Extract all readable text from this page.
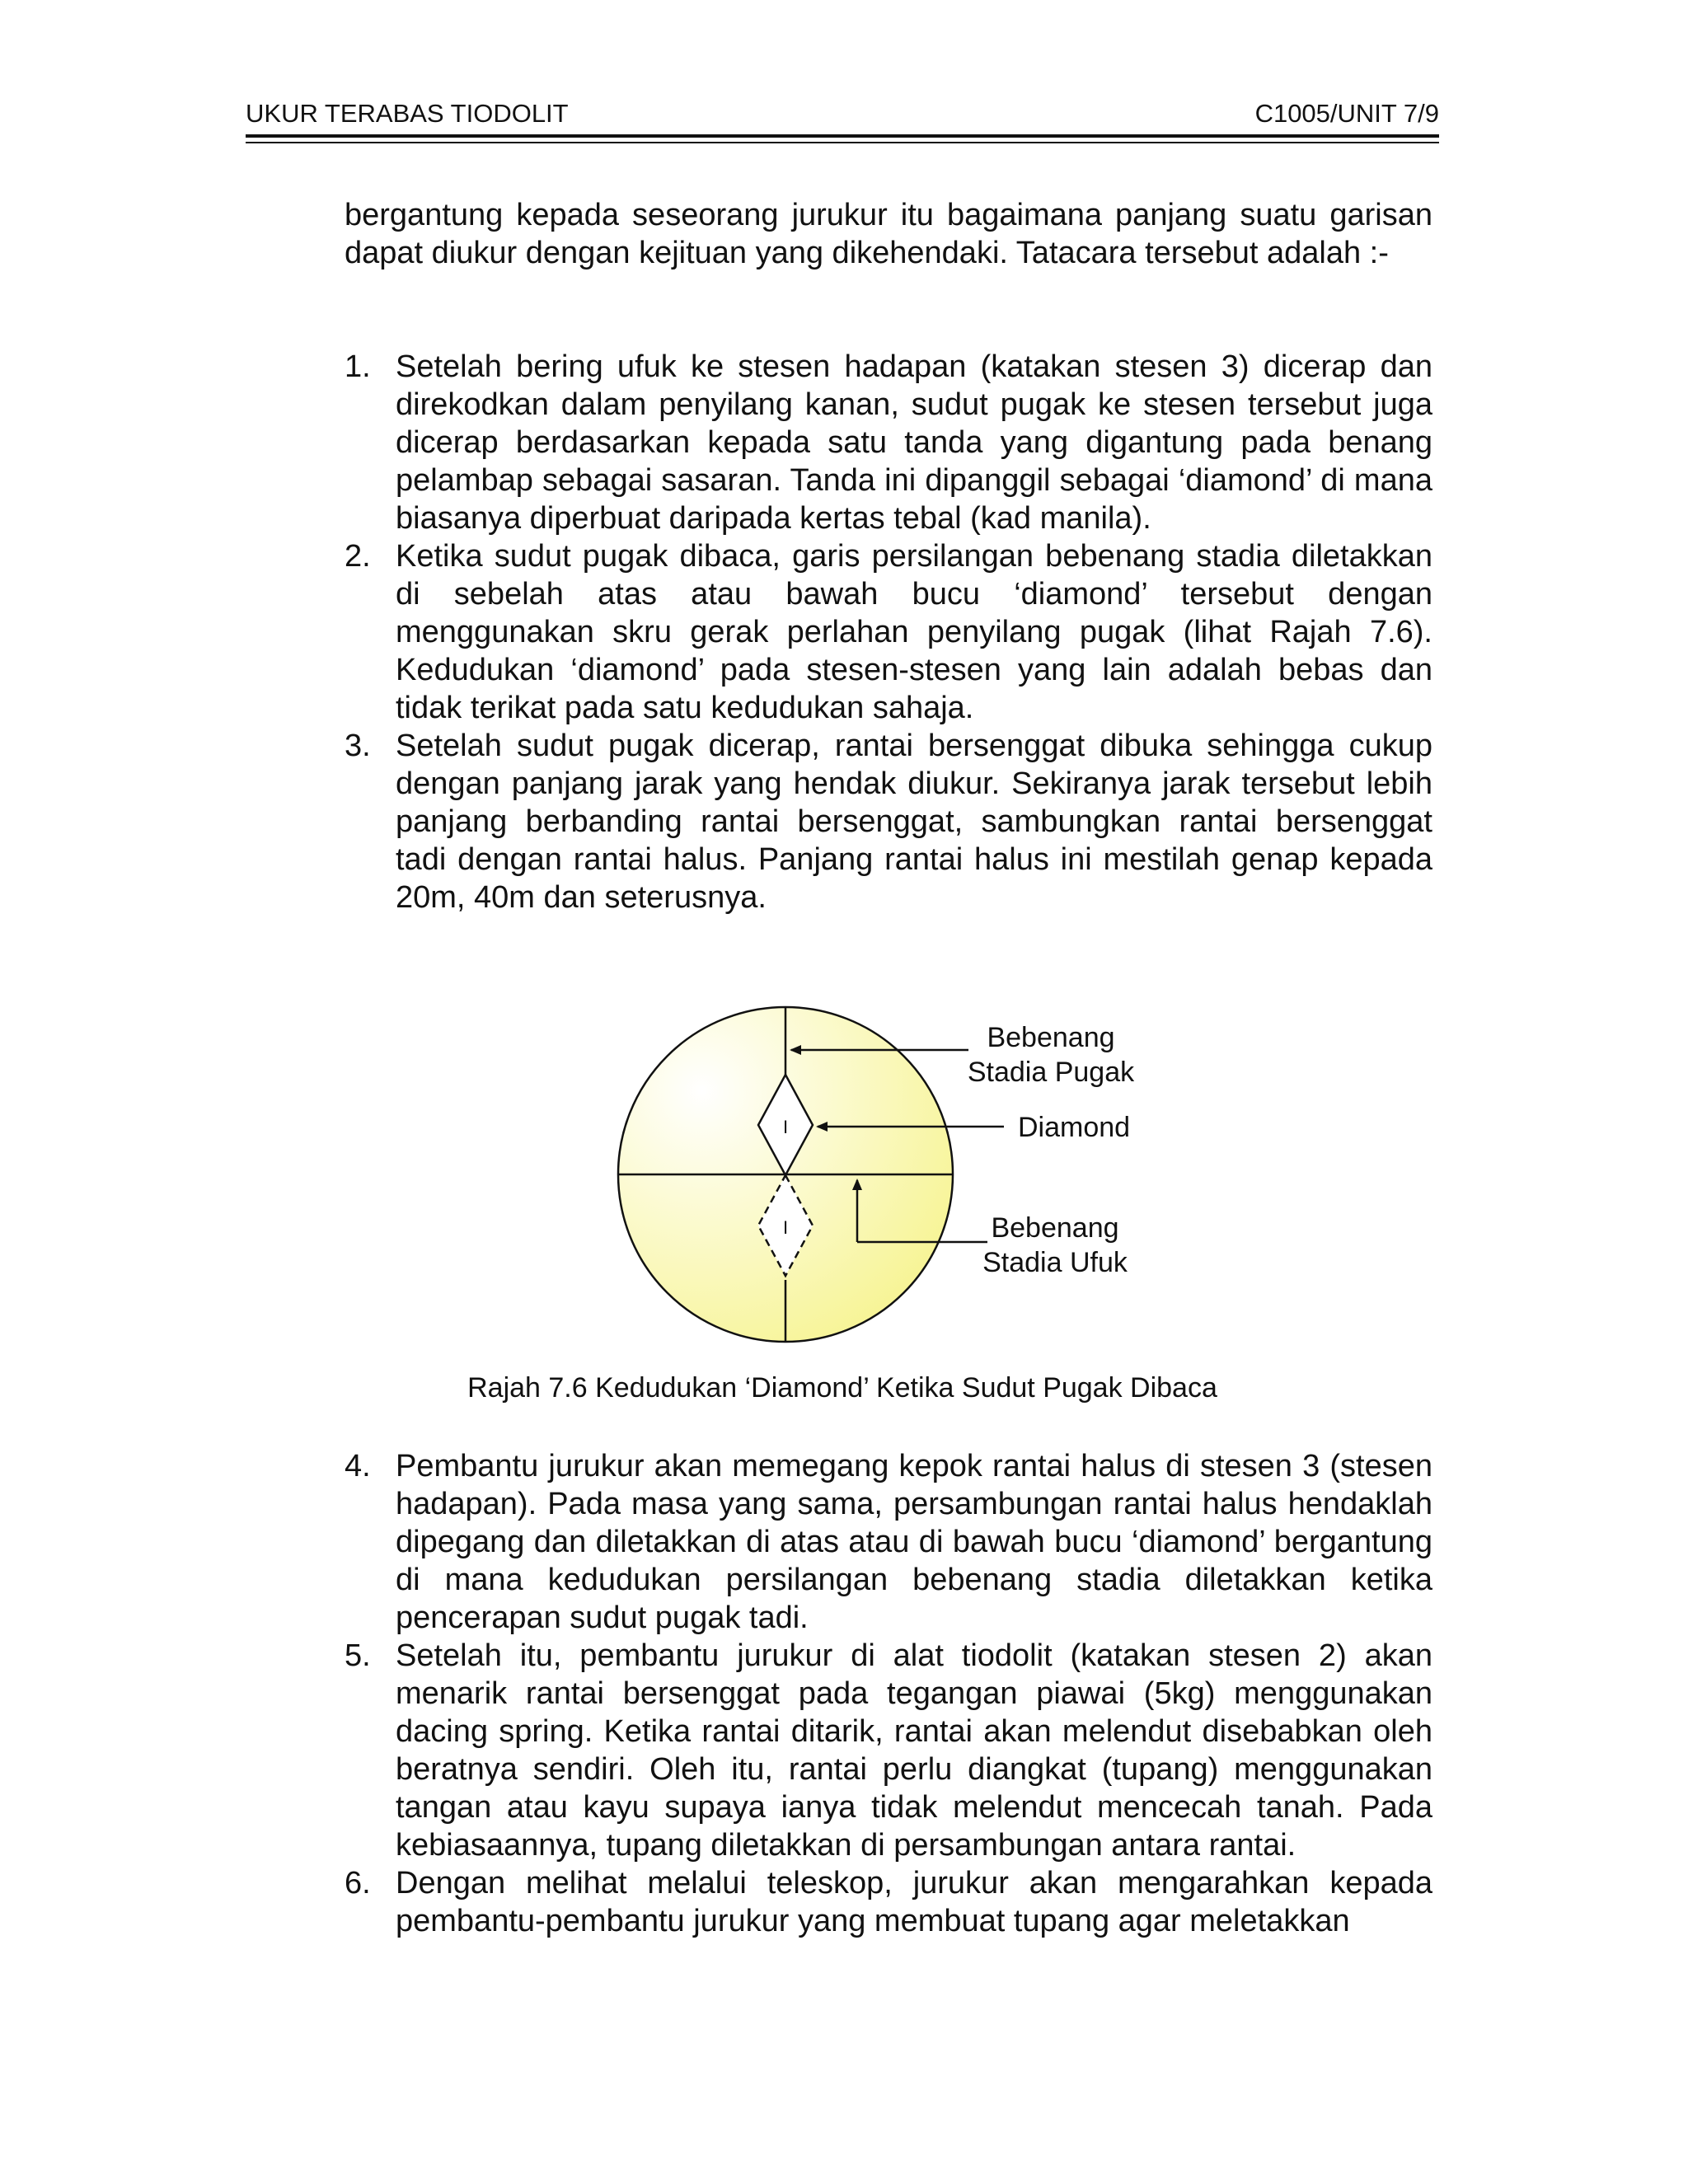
UKUR TERABAS TIODOLIT	C1005/UNIT 7/9
bergantung kepada seseorang jurukur itu bagaimana panjang suatu garisan dapat diukur dengan kejituan yang dikehendaki. Tatacara tersebut adalah :-
1. Setelah bering ufuk ke stesen hadapan (katakan stesen 3) dicerap dan direkodkan dalam penyilang kanan, sudut pugak ke stesen tersebut juga dicerap berdasarkan kepada satu tanda yang digantung pada benang pelambap sebagai sasaran. Tanda ini dipanggil sebagai ‘diamond’ di mana biasanya diperbuat daripada kertas tebal (kad manila).
2. Ketika sudut pugak dibaca, garis persilangan bebenang stadia diletakkan di sebelah atas atau bawah bucu ‘diamond’ tersebut dengan menggunakan skru gerak perlahan penyilang pugak (lihat Rajah 7.6). Kedudukan ‘diamond’ pada stesen-stesen yang lain adalah bebas dan tidak terikat pada satu kedudukan sahaja.
3. Setelah sudut pugak dicerap, rantai bersenggat dibuka sehingga cukup dengan panjang jarak yang hendak diukur. Sekiranya jarak tersebut lebih panjang berbanding rantai bersenggat, sambungkan rantai bersenggat tadi dengan rantai halus. Panjang rantai halus ini mestilah genap kepada 20m, 40m dan seterusnya.
I
I
Bebenang
Stadia Pugak
Diamond
Bebenang
Stadia Ufuk
Rajah 7.6 Kedudukan ‘Diamond’ Ketika Sudut Pugak Dibaca
4. Pembantu jurukur akan memegang kepok rantai halus di stesen 3 (stesen hadapan). Pada masa yang sama, persambungan rantai halus hendaklah dipegang dan diletakkan di atas atau di bawah bucu ‘diamond’ bergantung di mana kedudukan persilangan bebenang stadia diletakkan ketika pencerapan sudut pugak tadi.
5. Setelah itu, pembantu jurukur di alat tiodolit (katakan stesen 2) akan menarik rantai bersenggat pada tegangan piawai (5kg) menggunakan dacing spring. Ketika rantai ditarik, rantai akan melendut disebabkan oleh beratnya sendiri. Oleh itu, rantai perlu diangkat (tupang) menggunakan tangan atau kayu supaya ianya tidak melendut mencecah tanah. Pada kebiasaannya, tupang diletakkan di persambungan antara rantai.
6. Dengan melihat melalui teleskop, jurukur akan mengarahkan kepada pembantu-pembantu jurukur yang membuat tupang agar meletakkan
